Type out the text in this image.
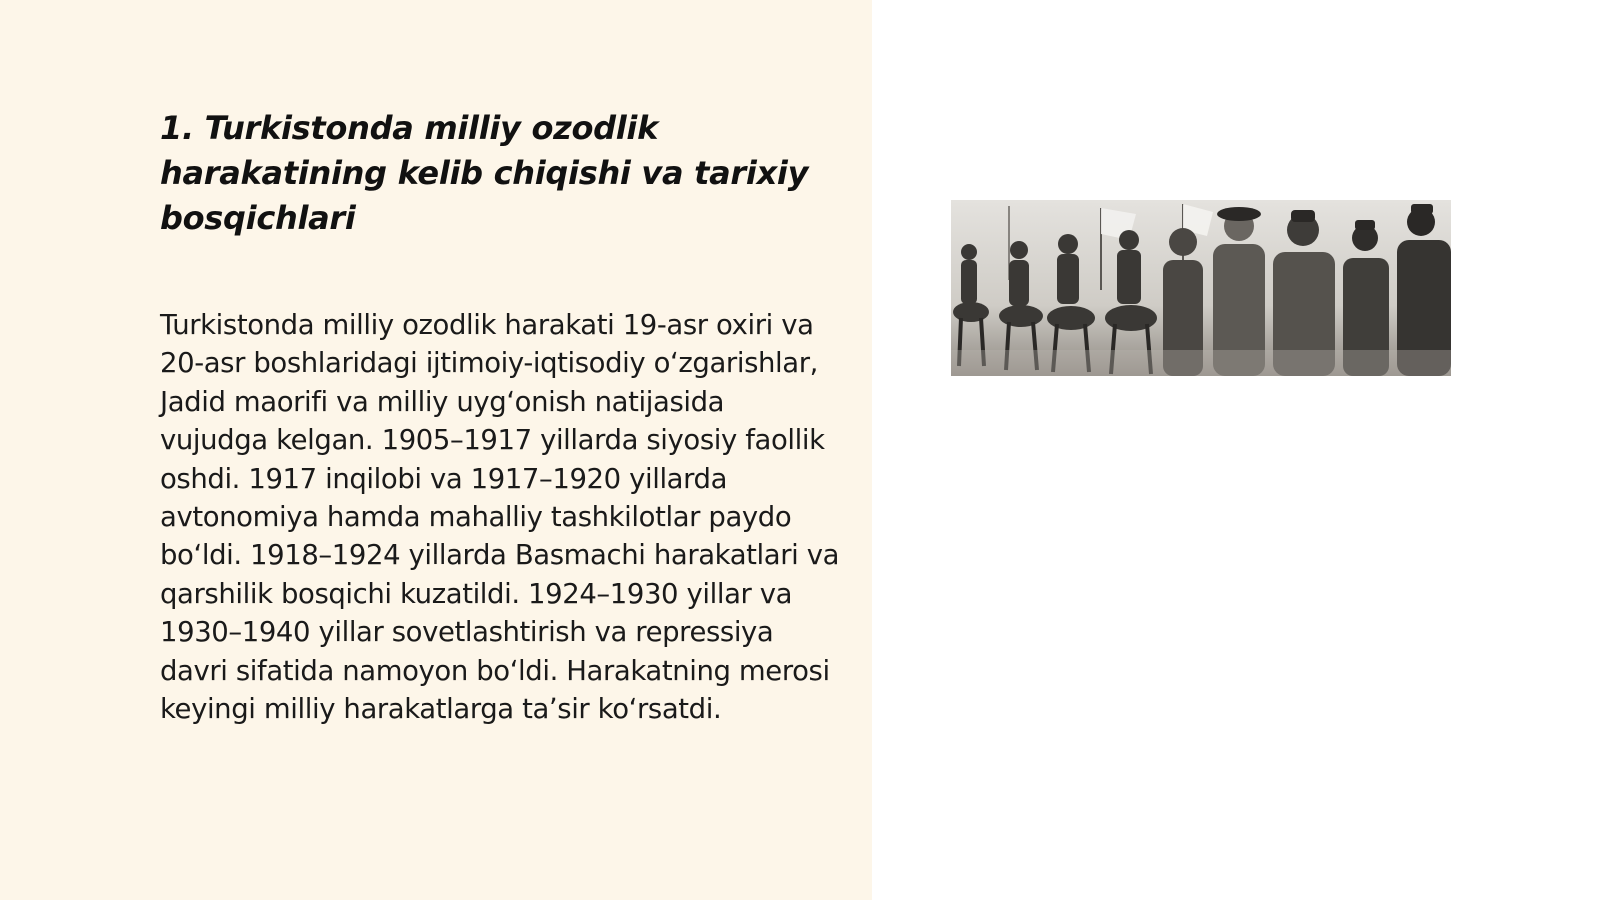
1. Turkistonda milliy ozodlik harakatining kelib chiqishi va tarixiy bosqichlari

Turkistonda milliy ozodlik harakati 19-asr oxiri va 20-asr boshlaridagi ijtimoiy-iqtisodiy oʻzgarishlar, Jadid maorifi va milliy uygʻonish natijasida vujudga kelgan. 1905–1917 yillarda siyosiy faollik oshdi. 1917 inqilobi va 1917–1920 yillarda avtonomiya hamda mahalliy tashkilotlar paydo boʻldi. 1918–1924 yillarda Basmachi harakatlari va qarshilik bosqichi kuzatildi. 1924–1930 yillar va 1930–1940 yillar sovetlashtirish va repressiya davri sifatida namoyon boʻldi. Harakatning merosi keyingi milliy harakatlarga taʼsir koʻrsatdi.
